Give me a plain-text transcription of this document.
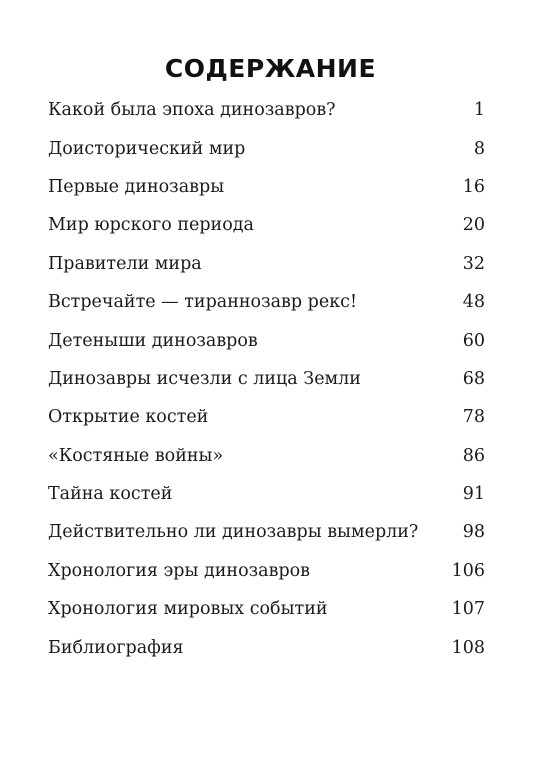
СОДЕРЖАНИЕ
Какой была эпоха динозавров?	1
Доисторический мир	8
Первые динозавры	16
Мир юрского периода	20
Правители мира	32
Встречайте — тираннозавр рекс!	48
Детеныши динозавров	60
Динозавры исчезли с лица Земли	68
Открытие костей	78
«Костяные войны»	86
Тайна костей	91
Действительно ли динозавры вымерли?	98
Хронология эры динозавров	106
Хронология мировых событий	107
Библиография	108
